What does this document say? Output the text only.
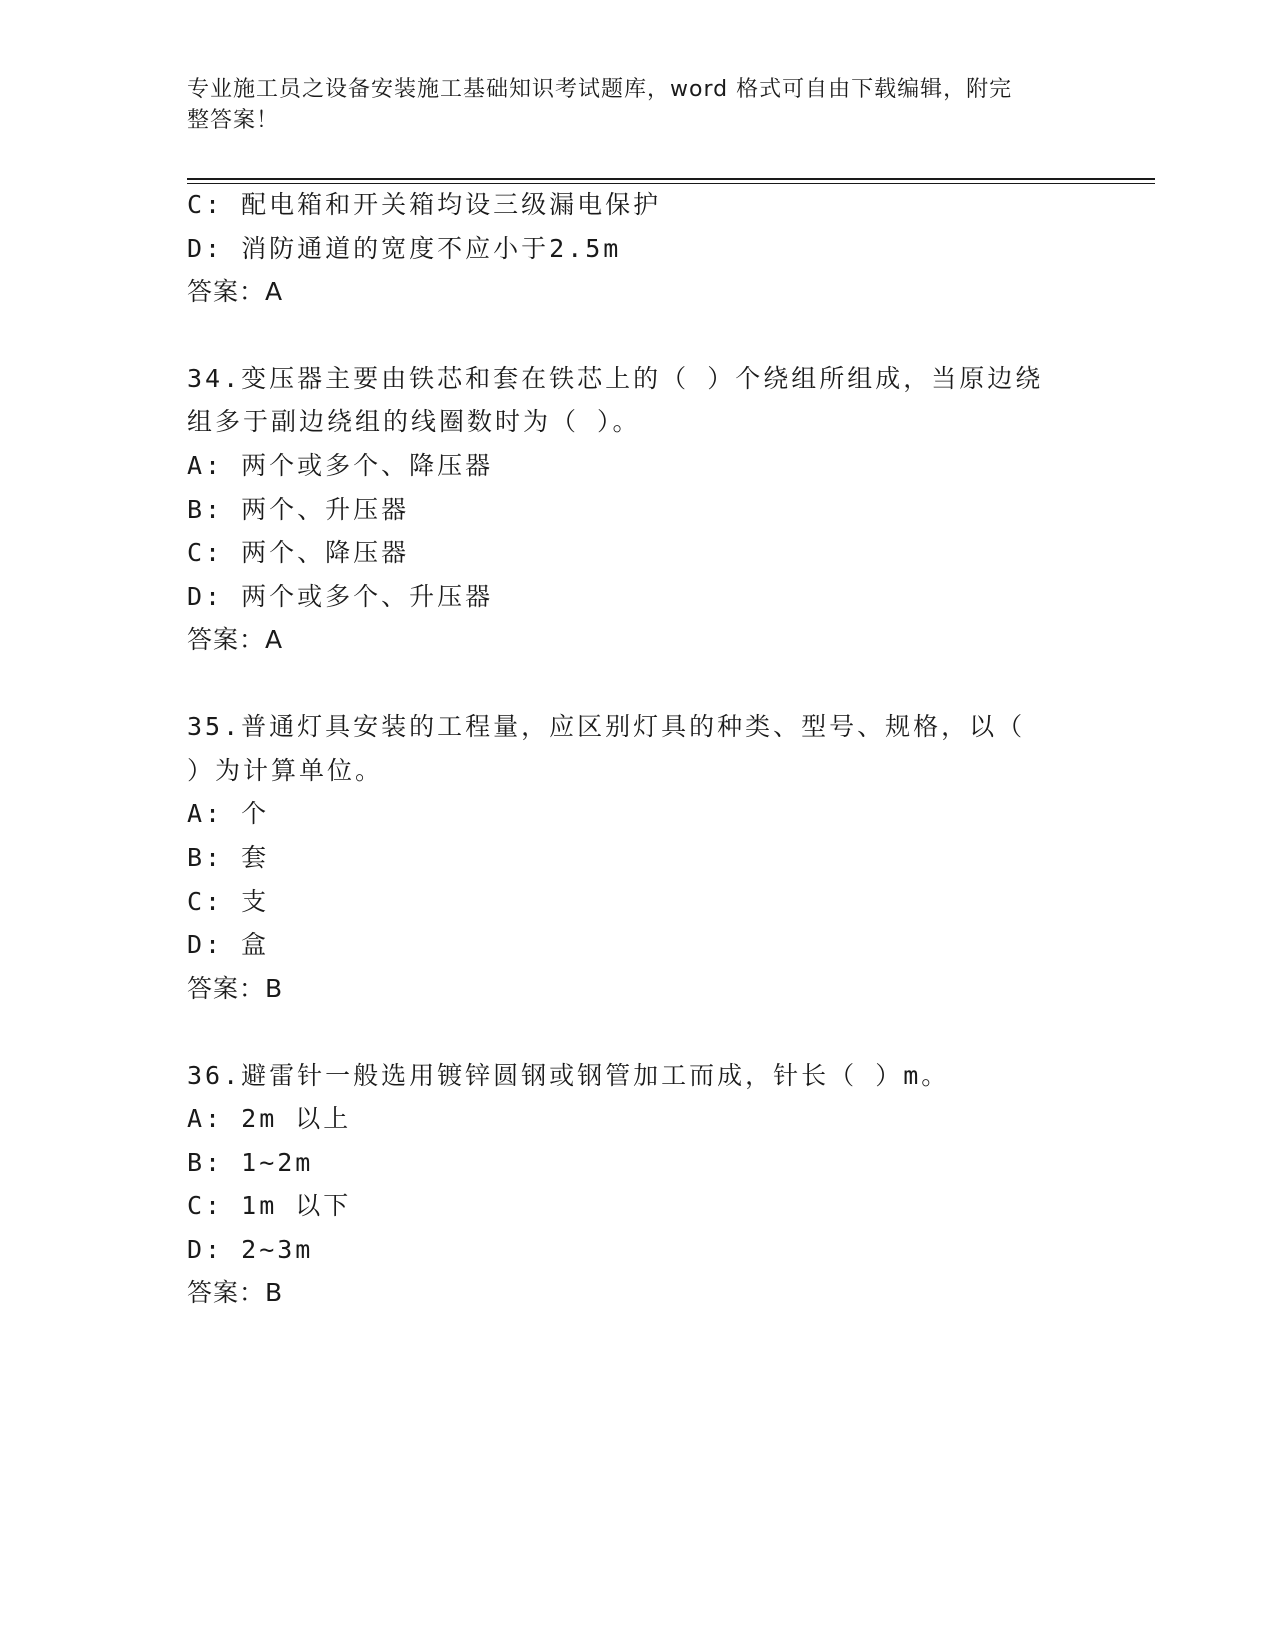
专业施工员之设备安装施工基础知识考试题库，word 格式可自由下载编辑，附完
整答案！
C: 配电箱和开关箱均设三级漏电保护
D: 消防通道的宽度不应小于2.5m
答案：A
34.变压器主要由铁芯和套在铁芯上的（ ）个绕组所组成，当原边绕
组多于副边绕组的线圈数时为（ ）。
A: 两个或多个、降压器
B: 两个、升压器
C: 两个、降压器
D: 两个或多个、升压器
答案：A
35.普通灯具安装的工程量，应区别灯具的种类、型号、规格，以（
）为计算单位。
A: 个
B: 套
C: 支
D: 盒
答案：B
36.避雷针一般选用镀锌圆钢或钢管加工而成，针长（ ）m。
A: 2m 以上
B: 1~2m
C: 1m 以下
D: 2~3m
答案：B
